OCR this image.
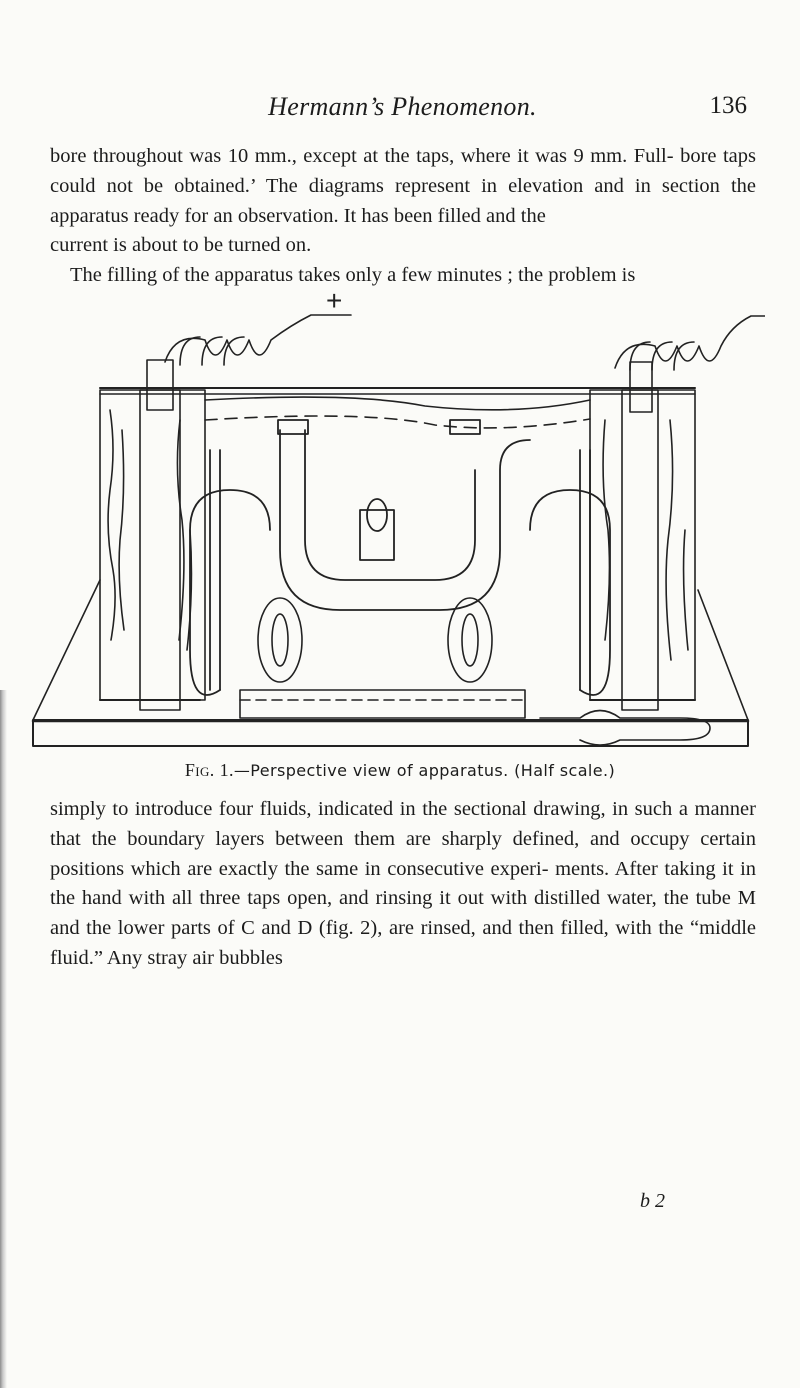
Hermann’s Phenomenon.	136
bore throughout was 10 mm., except at the taps, where it was 9 mm. Full- bore taps could not be obtained.’ The diagrams represent in elevation and in section the apparatus ready for an observation. It has been filled and the
current is about to be turned on.
The filling of the apparatus takes only a few minutes ; the problem is
+
Fig. 1.—Perspective view of apparatus. (Half scale.)
simply to introduce four fluids, indicated in the sectional drawing, in such a manner that the boundary layers between them are sharply defined, and occupy certain positions which are exactly the same in consecutive experi- ments. After taking it in the hand with all three taps open, and rinsing it out with distilled water, the tube M and the lower parts of C and D (fig. 2), are rinsed, and then filled, with the “middle fluid.” Any stray air bubbles
b 2
